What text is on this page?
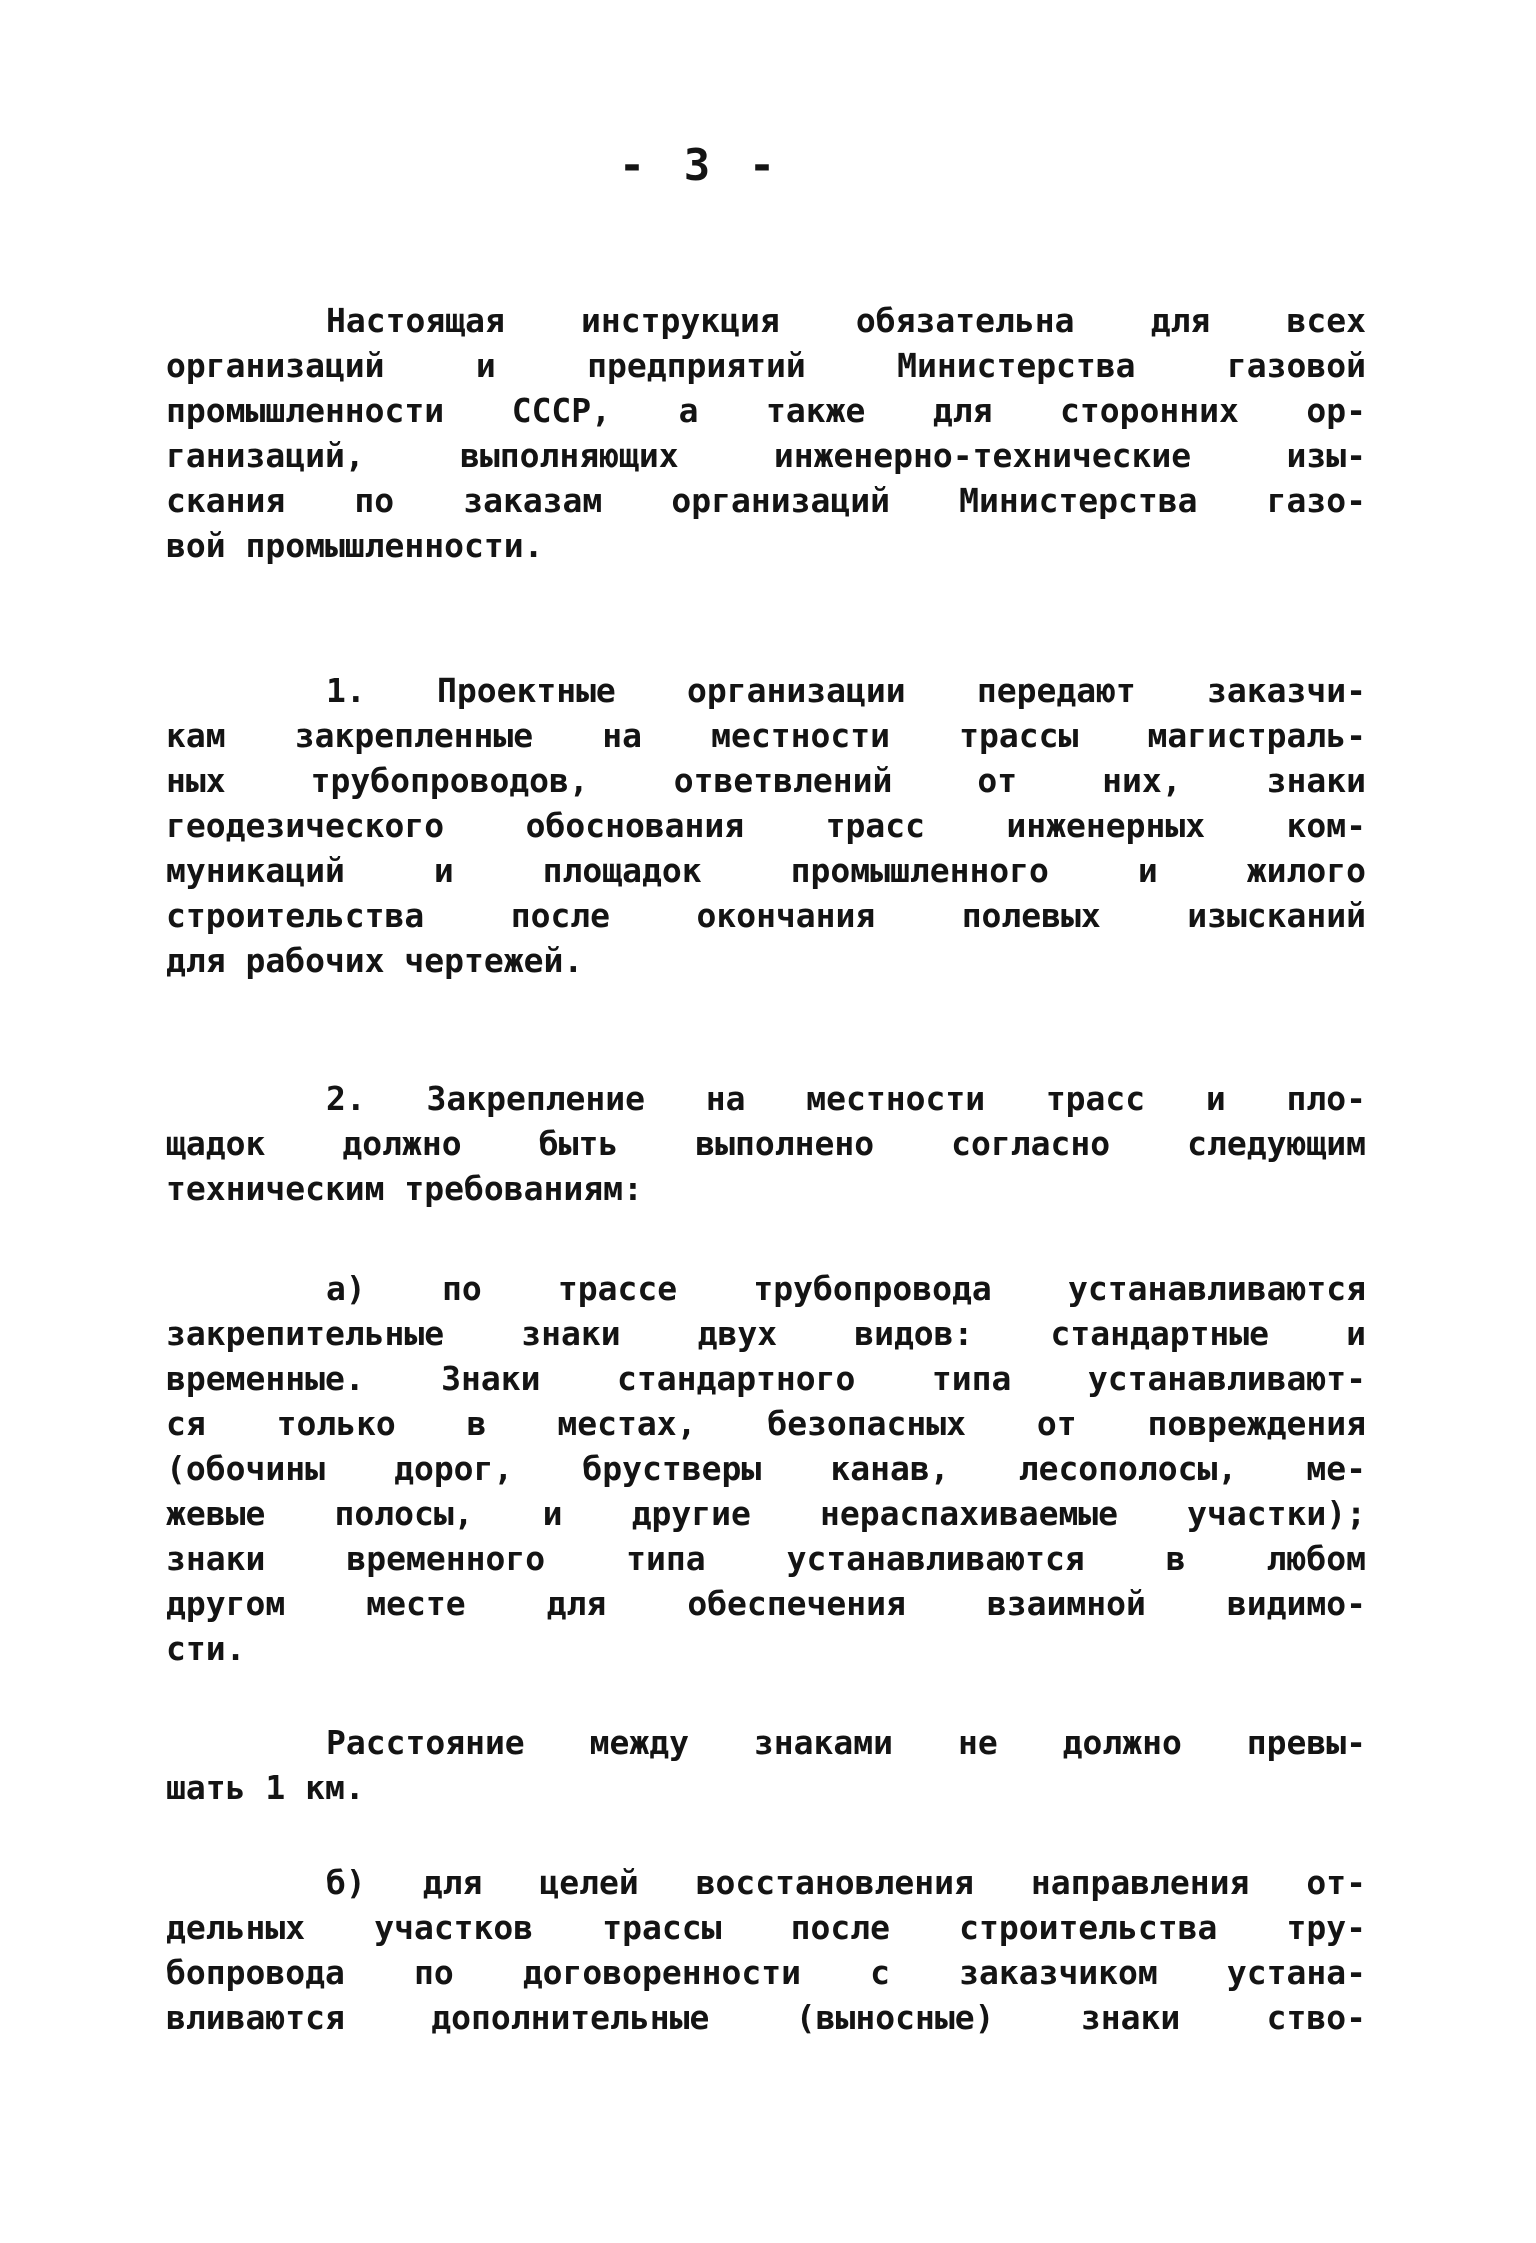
- 3 -
Настоящая инструкция обязательна для всех
организаций и предприятий Министерства газовой
промышленности СССР, а также для сторонних ор-
ганизаций, выполняющих инженерно-технические изы-
скания по заказам организаций Министерства газо-
вой промышленности.
1. Проектные организации передают заказчи-
кам закрепленные на местности трассы магистраль-
ных трубопроводов, ответвлений от них, знаки
геодезического обоснования трасс инженерных ком-
муникаций и площадок промышленного и жилого
строительства после окончания полевых изысканий
для рабочих чертежей.
2. Закрепление на местности трасс и пло-
щадок должно быть выполнено согласно следующим
техническим требованиям:
а) по трассе трубопровода устанавливаются
закрепительные знаки двух видов: стандартные и
временные. Знаки стандартного типа устанавливают-
ся только в местах, безопасных от повреждения
(обочины дорог, брустверы канав, лесополосы, ме-
жевые полосы, и другие нераспахиваемые участки);
знаки временного типа устанавливаются в любом
другом месте для обеспечения взаимной видимо-
сти.
Расстояние между знаками не должно превы-
шать 1 км.
б) для целей восстановления направления от-
дельных участков трассы после строительства тру-
бопровода по договоренности с заказчиком устана-
вливаются дополнительные (выносные) знаки ство-
